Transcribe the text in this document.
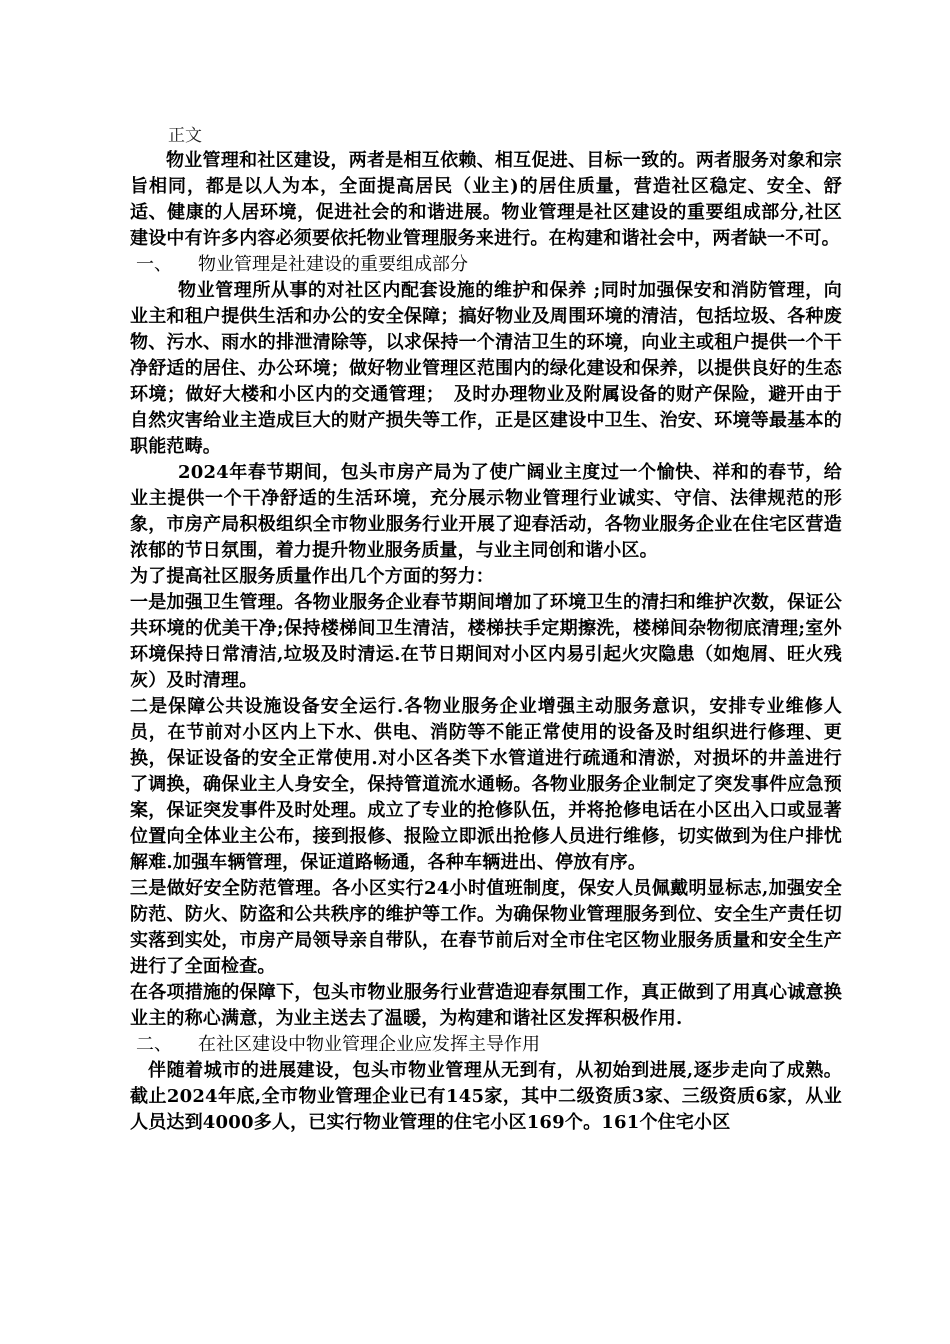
正文

物业管理和社区建设，两者是相互依赖、相互促进、目标一致的。两者服务对象和宗旨相同，都是以人为本，全面提高居民（业主)的居住质量，营造社区稳定、安全、舒适、健康的人居环境，促进社会的和谐进展。物业管理是社区建设的重要组成部分,社区建设中有许多内容必须要依托物业管理服务来进行。在构建和谐社会中，两者缺一不可。

一、 物业管理是社建设的重要组成部分

物业管理所从事的对社区内配套设施的维护和保养 ;同时加强保安和消防管理，向业主和租户提供生活和办公的安全保障；搞好物业及周围环境的清洁，包括垃圾、各种废物、污水、雨水的排泄清除等，以求保持一个清洁卫生的环境，向业主或租户提供一个干净舒适的居住、办公环境；做好物业管理区范围内的绿化建设和保养，以提供良好的生态环境；做好大楼和小区内的交通管理；　及时办理物业及附属设备的财产保险，避开由于自然灾害给业主造成巨大的财产损失等工作，正是区建设中卫生、治安、环境等最基本的职能范畴。

2024年春节期间，包头市房产局为了使广阔业主度过一个愉快、祥和的春节，给业主提供一个干净舒适的生活环境，充分展示物业管理行业诚实、守信、法律规范的形象，市房产局积极组织全市物业服务行业开展了迎春活动，各物业服务企业在住宅区营造浓郁的节日氛围，着力提升物业服务质量，与业主同创和谐小区。

为了提高社区服务质量作出几个方面的努力：

一是加强卫生管理。各物业服务企业春节期间增加了环境卫生的清扫和维护次数，保证公共环境的优美干净;保持楼梯间卫生清洁，楼梯扶手定期擦洗，楼梯间杂物彻底清理;室外环境保持日常清洁,垃圾及时清运.在节日期间对小区内易引起火灾隐患（如炮屑、旺火残灰）及时清理。

二是保障公共设施设备安全运行.各物业服务企业增强主动服务意识，安排专业维修人员，在节前对小区内上下水、供电、消防等不能正常使用的设备及时组织进行修理、更换，保证设备的安全正常使用.对小区各类下水管道进行疏通和清淤，对损坏的井盖进行了调换，确保业主人身安全，保持管道流水通畅。各物业服务企业制定了突发事件应急预案，保证突发事件及时处理。成立了专业的抢修队伍，并将抢修电话在小区出入口或显著位置向全体业主公布，接到报修、报险立即派出抢修人员进行维修，切实做到为住户排忧解难.加强车辆管理，保证道路畅通，各种车辆进出、停放有序。

三是做好安全防范管理。各小区实行24小时值班制度，保安人员佩戴明显标志,加强安全防范、防火、防盗和公共秩序的维护等工作。为确保物业管理服务到位、安全生产责任切实落到实处，市房产局领导亲自带队，在春节前后对全市住宅区物业服务质量和安全生产进行了全面检查。

在各项措施的保障下，包头市物业服务行业营造迎春氛围工作，真正做到了用真心诚意换业主的称心满意，为业主送去了温暖，为构建和谐社区发挥积极作用.

二、 在社区建设中物业管理企业应发挥主导作用

伴随着城市的进展建设，包头市物业管理从无到有，从初始到进展,逐步走向了成熟。截止2024年底,全市物业管理企业已有145家，其中二级资质3家、三级资质6家，从业人员达到4000多人，已实行物业管理的住宅小区169个。161个住宅小区
